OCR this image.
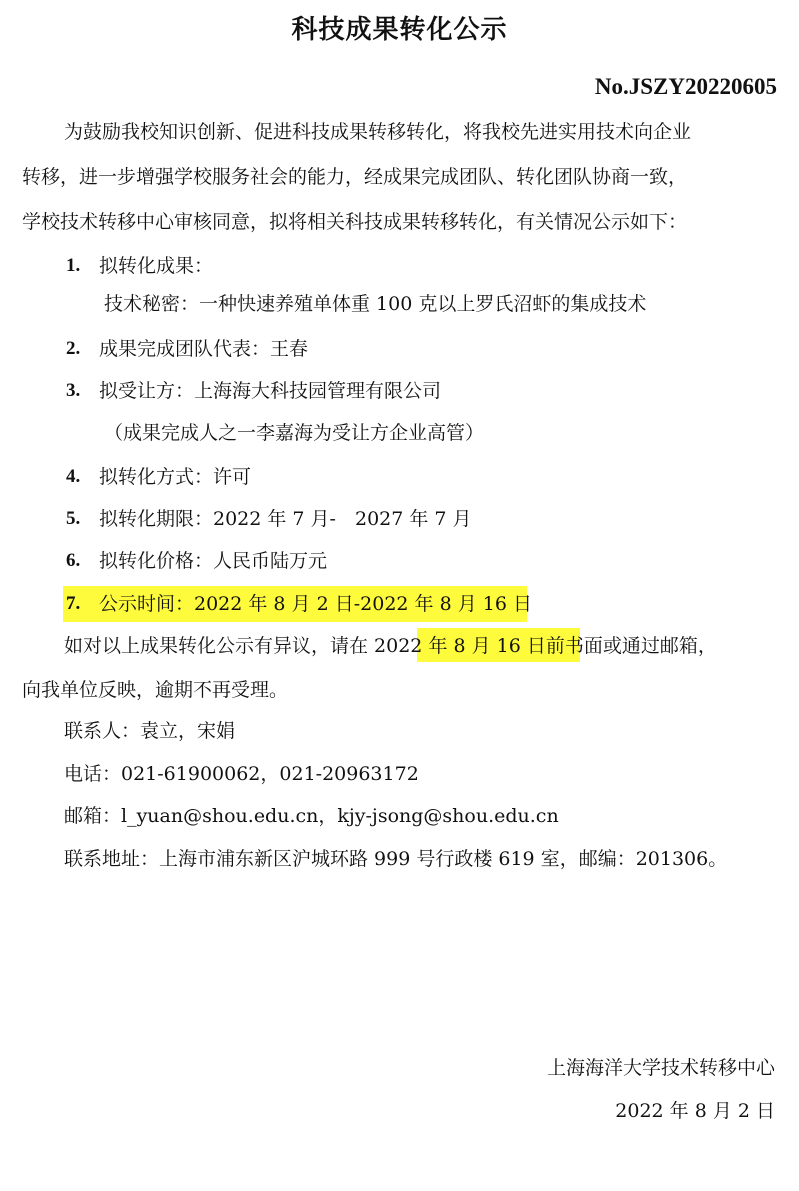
科技成果转化公示
No.JSZY20220605
为鼓励我校知识创新、促进科技成果转移转化，将我校先进实用技术向企业
转移，进一步增强学校服务社会的能力，经成果完成团队、转化团队协商一致，
学校技术转移中心审核同意，拟将相关科技成果转移转化，有关情况公示如下：
1. 拟转化成果：
技术秘密：一种快速养殖单体重 100 克以上罗氏沼虾的集成技术
2. 成果完成团队代表：王春
3. 拟受让方：上海海大科技园管理有限公司
（成果完成人之一李嘉海为受让方企业高管）
4. 拟转化方式：许可
5. 拟转化期限：2022 年 7 月-　2027 年 7 月
6. 拟转化价格：人民币陆万元
7. 公示时间：2022 年 8 月 2 日-2022 年 8 月 16 日
如对以上成果转化公示有异议，请在 2022 年 8 月 16 日前书面或通过邮箱，
向我单位反映，逾期不再受理。
联系人：袁立，宋娟
电话：021-61900062，021-20963172
邮箱：l_yuan@shou.edu.cn，kjy-jsong@shou.edu.cn
联系地址：上海市浦东新区沪城环路 999 号行政楼 619 室，邮编：201306。
上海海洋大学技术转移中心
2022 年 8 月 2 日
